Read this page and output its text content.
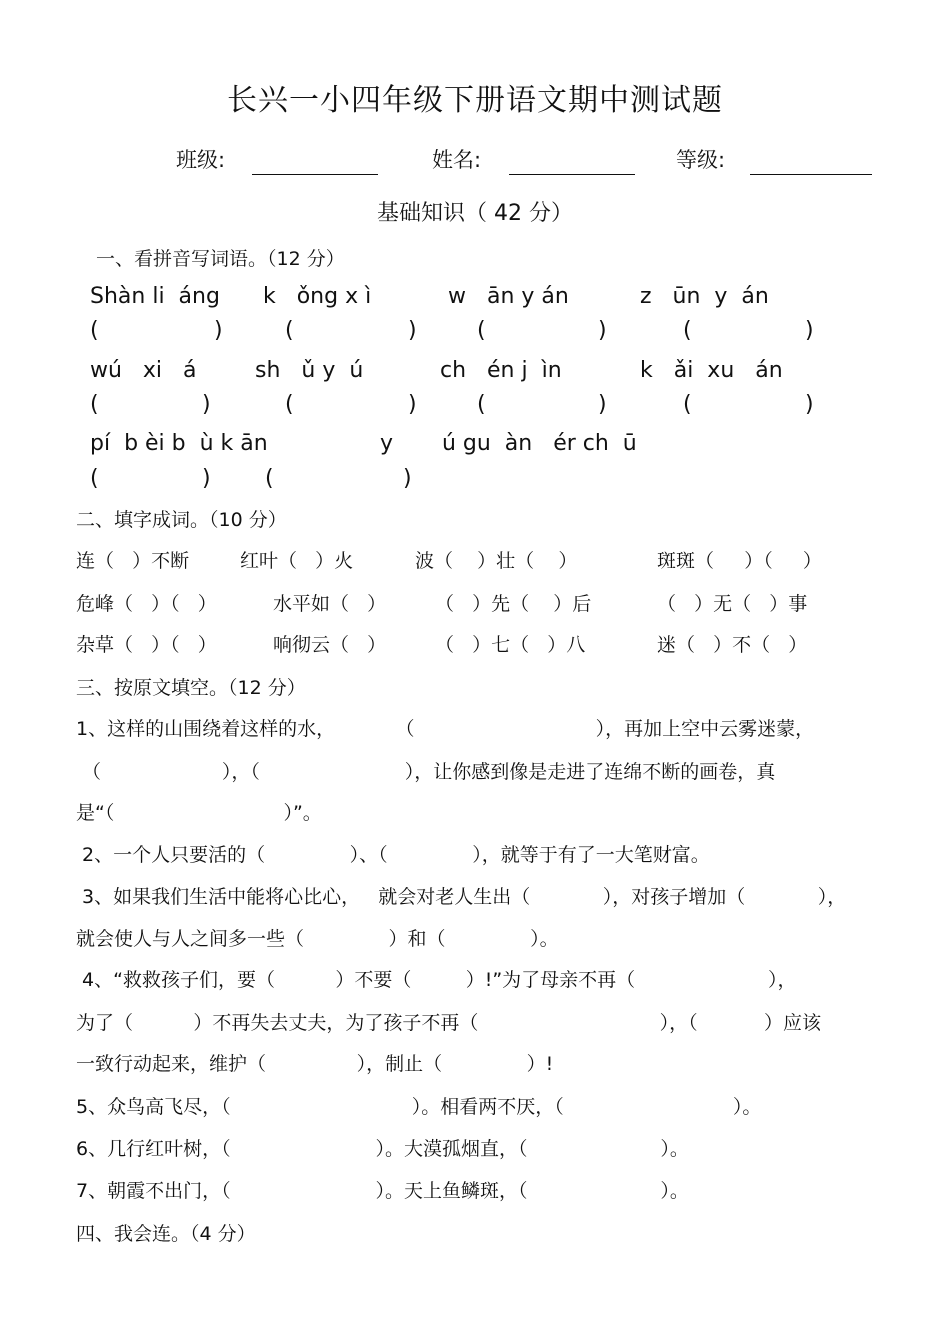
长兴一小四年级下册语文期中测试题
班级:	姓名:	等级:
基础知识（ 42 分）
一、看拼音写词语。（12 分）
Shàn li  áng k   ǒng x ì	w   ān y án	z   ūn  y  án
(	)	(	)	(	)	(	)
wú   xi   á	sh   ǔ y  ú	ch   én j  ìn	k   ǎi  xu   án
(	)	(	)	(	)	(	)
pí  b èi b  ù k ān	y       ú gu  àn   ér ch  ū
(	) (	)
二、填字成词。（10 分）
连（   ）不断	红叶（   ）火	波（    ）壮（    ）	斑斑（     ）（     ）
危峰（   ）（   ）	水平如（   ）	（   ）先（    ）后	（   ）无（   ）事
杂草（   ）（   ）	响彻云（   ）	（   ）七（   ）八	迷（   ）不（   ）
三、按原文填空。（12 分）
1、这样的山围绕着这样的水，          （                              ），再加上空中云雾迷蒙，
（                    ），（                        ），让你感到像是走进了连绵不断的画卷，真
是“（                            ）”。
2、一个人只要活的（              ）、（              ），就等于有了一大笔财富。
3、如果我们生活中能将心比心，   就会对老人生出（            ），对孩子增加（            ），
就会使人与人之间多一些（              ）和（              ）。
4、“救救孩子们，要（          ）不要（         ）!”为了母亲不再（                      ），
为了（          ）不再失去丈夫，为了孩子不再（                              ），（           ）应该
一致行动起来，维护（               ），制止（              ）!
5、众鸟高飞尽，（                              ）。相看两不厌，（                            ）。
6、几行红叶树，（                        ）。大漠孤烟直，（                      ）。
7、朝霞不出门，（                        ）。天上鱼鳞斑，（                      ）。
四、我会连。（4 分）
